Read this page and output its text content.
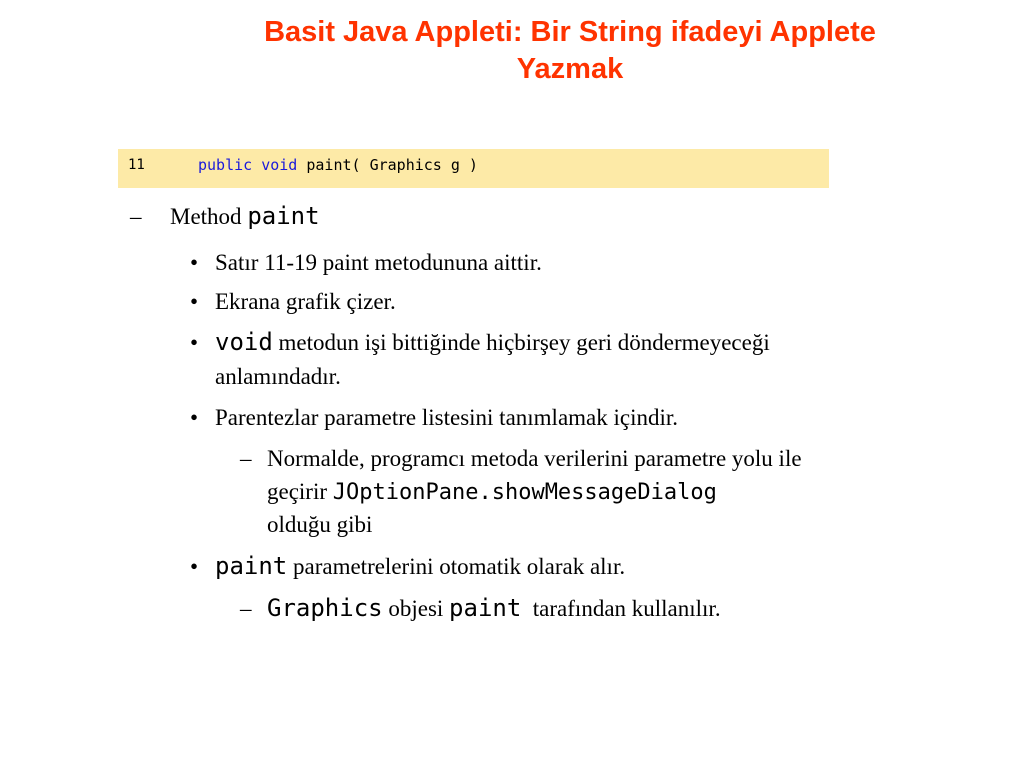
Basit Java Appleti: Bir String ifadeyi Applete
Yazmak

11

	public void paint( Graphics g )

– Method paint
• Satır 11-19 paint metodununa aittir.
• Ekrana grafik çizer.
• void metodun işi bittiğinde hiçbirşey geri döndermeyeceği
anlamındadır.
• Parentezlar parametre listesini tanımlamak içindir.
– Normalde, programcı metoda verilerini parametre yolu ile
geçirir JOptionPane.showMessageDialog
olduğu gibi
• paint parametrelerini otomatik olarak alır.
– Graphics objesi paint tarafından kullanılır.
